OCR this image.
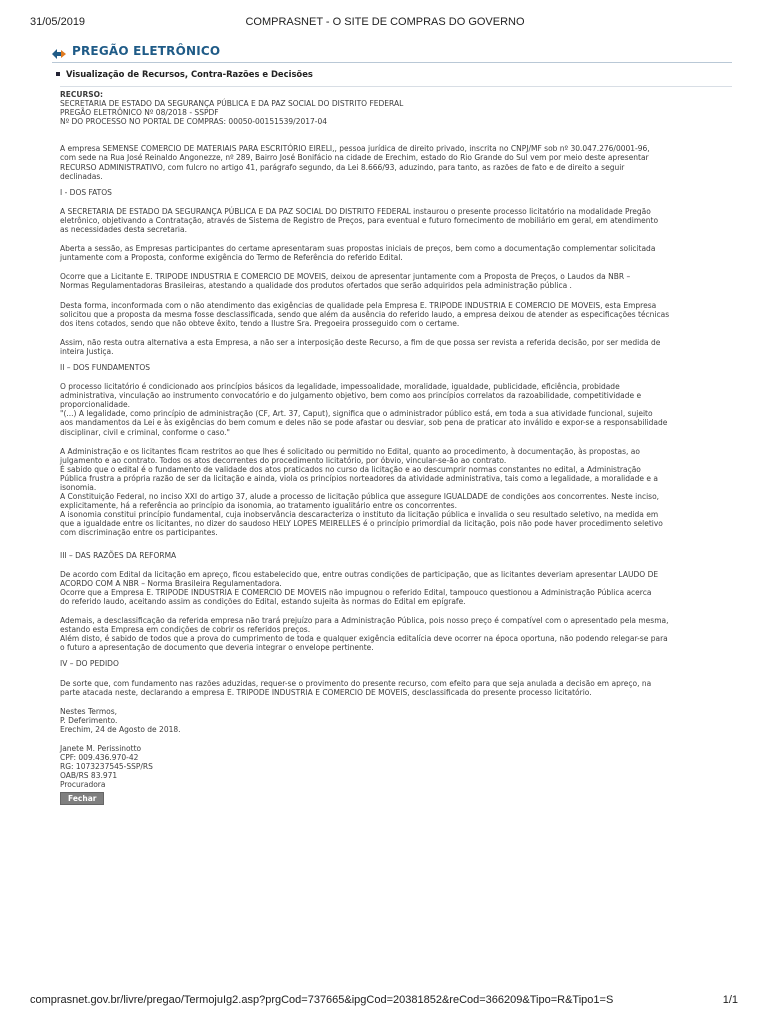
31/05/2019	COMPRASNET - O SITE DE COMPRAS DO GOVERNO
PREGÃO ELETRÔNICO
Visualização de Recursos, Contra-Razões e Decisões

RECURSO:

SECRETARIA DE ESTADO DA SEGURANÇA PÚBLICA E DA PAZ SOCIAL DO DISTRITO FEDERAL
PREGÃO ELETRÔNICO Nº 08/2018 - SSPDF
Nº DO PROCESSO NO PORTAL DE COMPRAS: 00050-00151539/2017-04

A empresa SEMENSE COMERCIO DE MATERIAIS PARA ESCRITÓRIO EIRELI,, pessoa jurídica de direito privado, inscrita no CNPJ/MF sob nº 30.047.276/0001-96,
com sede na Rua José Reinaldo Angonezze, nº 289, Bairro José Bonifácio na cidade de Erechim, estado do Rio Grande do Sul vem por meio deste apresentar
RECURSO ADMINISTRATIVO, com fulcro no artigo 41, parágrafo segundo, da Lei 8.666/93, aduzindo, para tanto, as razões de fato e de direito a seguir
declinadas.

I - DOS FATOS

A SECRETARIA DE ESTADO DA SEGURANÇA PÚBLICA E DA PAZ SOCIAL DO DISTRITO FEDERAL instaurou o presente processo licitatório na modalidade Pregão
eletrônico, objetivando a Contratação, através de Sistema de Registro de Preços, para eventual e futuro fornecimento de mobiliário em geral, em atendimento
as necessidades desta secretaria.

Aberta a sessão, as Empresas participantes do certame apresentaram suas propostas iniciais de preços, bem como a documentação complementar solicitada
juntamente com a Proposta, conforme exigência do Termo de Referência do referido Edital.

Ocorre que a Licitante E. TRIPODE INDUSTRIA E COMERCIO DE MOVEIS, deixou de apresentar juntamente com a Proposta de Preços, o Laudos da NBR –
Normas Regulamentadoras Brasileiras, atestando a qualidade dos produtos ofertados que serão adquiridos pela administração pública .

Desta forma, inconformada com o não atendimento das exigências de qualidade pela Empresa E. TRIPODE INDUSTRIA E COMERCIO DE MOVEIS, esta Empresa
solicitou que a proposta da mesma fosse desclassificada, sendo que além da ausência do referido laudo, a empresa deixou de atender as especificações técnicas
dos itens cotados, sendo que não obteve êxito, tendo a Ilustre Sra. Pregoeira prosseguido com o certame.

Assim, não resta outra alternativa a esta Empresa, a não ser a interposição deste Recurso, a fim de que possa ser revista a referida decisão, por ser medida de
inteira Justiça.

II – DOS FUNDAMENTOS

O processo licitatório é condicionado aos princípios básicos da legalidade, impessoalidade, moralidade, igualdade, publicidade, eficiência, probidade
administrativa, vinculação ao instrumento convocatório e do julgamento objetivo, bem como aos princípios correlatos da razoabilidade, competitividade e
proporcionalidade.
"(...) A legalidade, como princípio de administração (CF, Art. 37, Caput), significa que o administrador público está, em toda a sua atividade funcional, sujeito
aos mandamentos da Lei e às exigências do bem comum e deles não se pode afastar ou desviar, sob pena de praticar ato inválido e expor-se a responsabilidade
disciplinar, civil e criminal, conforme o caso."

A Administração e os licitantes ficam restritos ao que lhes é solicitado ou permitido no Edital, quanto ao procedimento, à documentação, às propostas, ao
julgamento e ao contrato. Todos os atos decorrentes do procedimento licitatório, por óbvio, vincular-se-ão ao contrato.
É sabido que o edital é o fundamento de validade dos atos praticados no curso da licitação e ao descumprir normas constantes no edital, a Administração
Pública frustra a própria razão de ser da licitação e ainda, viola os princípios norteadores da atividade administrativa, tais como a legalidade, a moralidade e a
isonomia.
A Constituição Federal, no inciso XXI do artigo 37, alude a processo de licitação pública que assegure IGUALDADE de condições aos concorrentes. Neste inciso,
explicitamente, há a referência ao princípio da isonomia, ao tratamento igualitário entre os concorrentes.
A isonomia constitui princípio fundamental, cuja inobservância descaracteriza o instituto da licitação pública e invalida o seu resultado seletivo, na medida em
que a igualdade entre os licitantes, no dizer do saudoso HELY LOPES MEIRELLES é o princípio primordial da licitação, pois não pode haver procedimento seletivo
com discriminação entre os participantes.

III – DAS RAZÕES DA REFORMA

De acordo com Edital da licitação em apreço, ficou estabelecido que, entre outras condições de participação, que as licitantes deveriam apresentar LAUDO DE
ACORDO COM A NBR – Norma Brasileira Regulamentadora.
Ocorre que a Empresa E. TRIPODE INDUSTRIA E COMERCIO DE MOVEIS não impugnou o referido Edital, tampouco questionou a Administração Pública acerca
do referido laudo, aceitando assim as condições do Edital, estando sujeita às normas do Edital em epígrafe.

Ademais, a desclassificação da referida empresa não trará prejuízo para a Administração Pública, pois nosso preço é compatível com o apresentado pela mesma,
estando esta Empresa em condições de cobrir os referidos preços.
Além disto, é sabido de todos que a prova do cumprimento de toda e qualquer exigência editalícia deve ocorrer na época oportuna, não podendo relegar-se para
o futuro a apresentação de documento que deveria integrar o envelope pertinente.

IV – DO PEDIDO

De sorte que, com fundamento nas razões aduzidas, requer-se o provimento do presente recurso, com efeito para que seja anulada a decisão em apreço, na
parte atacada neste, declarando a empresa E. TRIPODE INDUSTRIA E COMERCIO DE MOVEIS, desclassificada do presente processo licitatório.

Nestes Termos,
P. Deferimento.
Erechim, 24 de Agosto de 2018.

Janete M. Perissinotto
CPF: 009.436.970-42
RG: 1073237545-SSP/RS
OAB/RS 83.971
Procuradora

Fechar
comprasnet.gov.br/livre/pregao/TermojuIg2.asp?prgCod=737665&ipgCod=20381852&reCod=366209&Tipo=R&Tipo1=S	1/1
